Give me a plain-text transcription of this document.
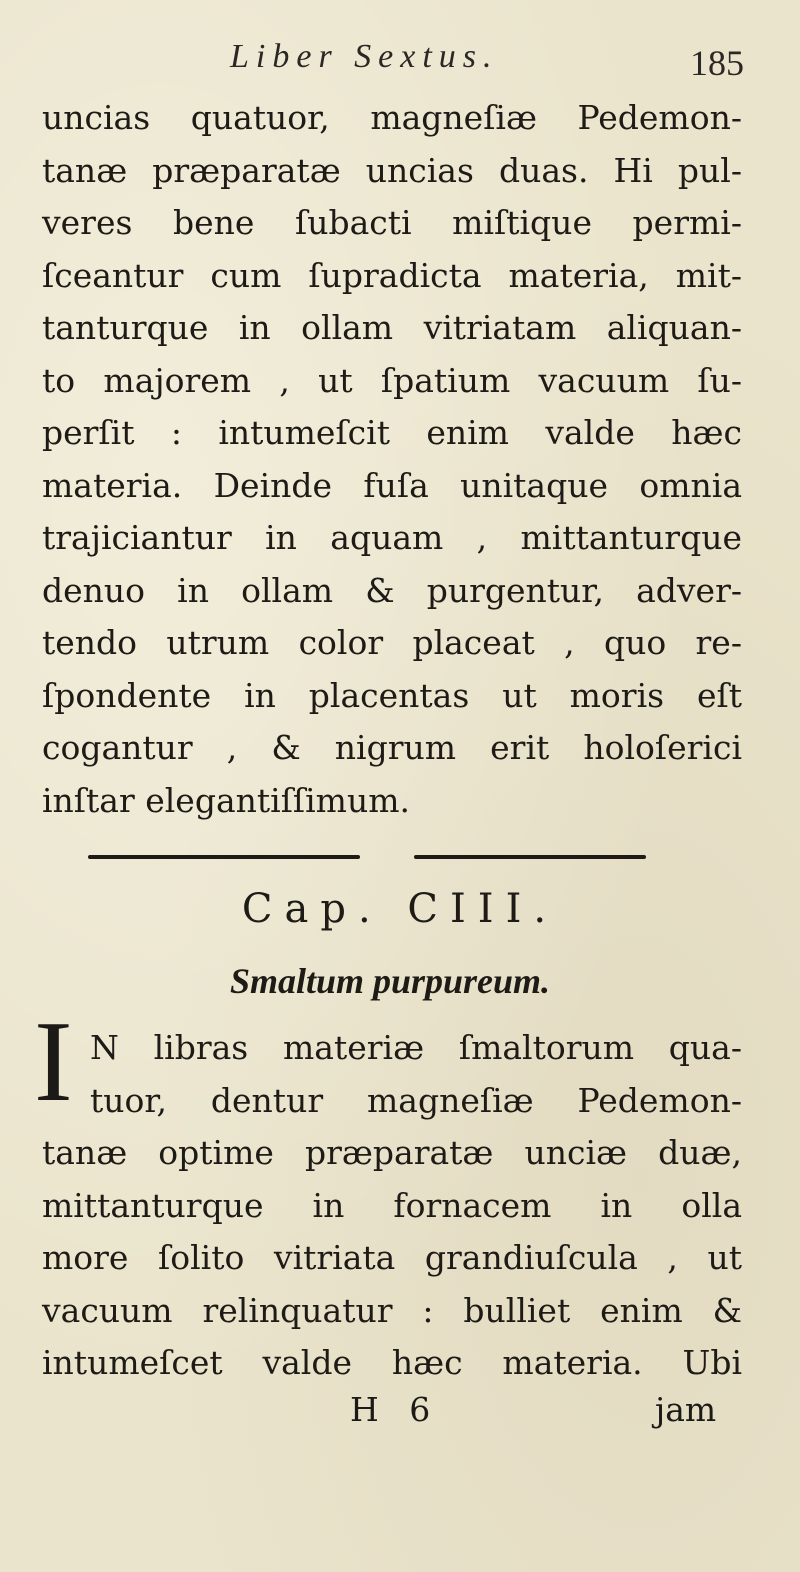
Liber Sextus.	185
uncias quatuor, magneſiæ Pedemon-
tanæ præparatæ uncias duas. Hi pul-
veres bene ſubacti miſtique permi-
ſceantur cum ſupradicta materia, mit-
tanturque in ollam vitriatam aliquan-
to majorem , ut ſpatium vacuum ſu-
perſit : intumeſcit enim valde hæc
materia. Deinde fuſa unitaque omnia
trajiciantur in aquam , mittanturque
denuo in ollam & purgentur, adver-
tendo utrum color placeat , quo re-
ſpondente in placentas ut moris eſt
cogantur , & nigrum erit holoſerici
inſtar elegantiſſimum.
Cap. CIII.
Smaltum purpureum.
I N libras materiæ ſmaltorum qua-
tuor, dentur magneſiæ Pedemon-
tanæ optime præparatæ unciæ duæ,
mittanturque in fornacem in olla
more ſolito vitriata grandiuſcula , ut
vacuum relinquatur : bulliet enim &
intumeſcet valde hæc materia. Ubi
H 6	jam
